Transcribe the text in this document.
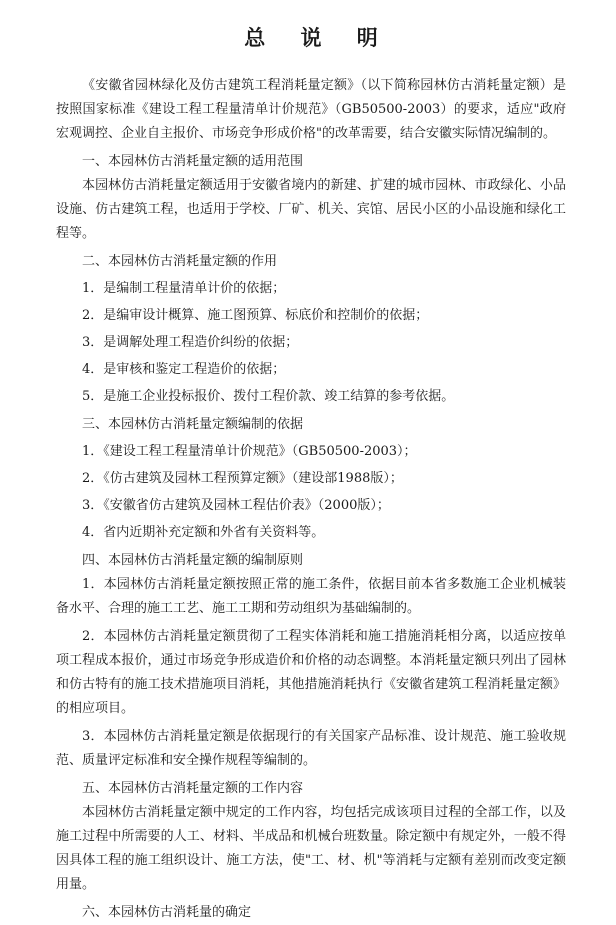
总 说 明

《安徽省园林绿化及仿古建筑工程消耗量定额》（以下简称园林仿古消耗量定额）是按照国家标准《建设工程工程量清单计价规范》（GB50500-2003）的要求，适应"政府宏观调控、企业自主报价、市场竞争形成价格"的改革需要，结合安徽实际情况编制的。

一、本园林仿古消耗量定额的适用范围

本园林仿古消耗量定额适用于安徽省境内的新建、扩建的城市园林、市政绿化、小品设施、仿古建筑工程，也适用于学校、厂矿、机关、宾馆、居民小区的小品设施和绿化工程等。

二、本园林仿古消耗量定额的作用

1．是编制工程量清单计价的依据；

2．是编审设计概算、施工图预算、标底价和控制价的依据；

3．是调解处理工程造价纠纷的依据；

4．是审核和鉴定工程造价的依据；

5．是施工企业投标报价、拨付工程价款、竣工结算的参考依据。

三、本园林仿古消耗量定额编制的依据

1．《建设工程工程量清单计价规范》（GB50500-2003）；

2．《仿古建筑及园林工程预算定额》（建设部1988版）；

3．《安徽省仿古建筑及园林工程估价表》（2000版）；

4．省内近期补充定额和外省有关资料等。

四、本园林仿古消耗量定额的编制原则

1．本园林仿古消耗量定额按照正常的施工条件，依据目前本省多数施工企业机械装备水平、合理的施工工艺、施工工期和劳动组织为基础编制的。

2．本园林仿古消耗量定额贯彻了工程实体消耗和施工措施消耗相分离，以适应按单项工程成本报价，通过市场竞争形成造价和价格的动态调整。本消耗量定额只列出了园林和仿古特有的施工技术措施项目消耗，其他措施消耗执行《安徽省建筑工程消耗量定额》的相应项目。

3．本园林仿古消耗量定额是依据现行的有关国家产品标准、设计规范、施工验收规范、质量评定标准和安全操作规程等编制的。

五、本园林仿古消耗量定额的工作内容

本园林仿古消耗量定额中规定的工作内容，均包括完成该项目过程的全部工作，以及施工过程中所需要的人工、材料、半成品和机械台班数量。除定额中有规定外，一般不得因具体工程的施工组织设计、施工方法，使"工、材、机"等消耗与定额有差别而改变定额用量。

六、本园林仿古消耗量的确定
